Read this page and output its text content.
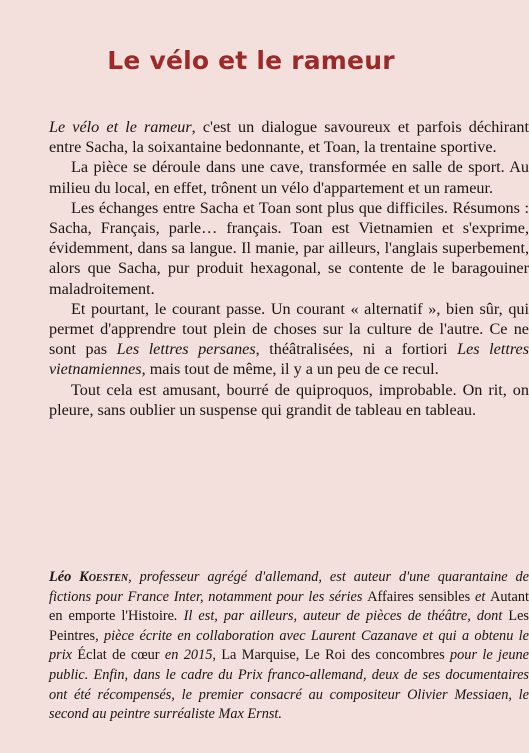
Le vélo et le rameur

Le vélo et le rameur, c'est un dialogue savoureux et parfois déchirant entre Sacha, la soixantaine bedonnante, et Toan, la trentaine sportive.

La pièce se déroule dans une cave, transformée en salle de sport. Au milieu du local, en effet, trônent un vélo d'appartement et un rameur.

Les échanges entre Sacha et Toan sont plus que difficiles. Résumons : Sacha, Français, parle… français. Toan est Vietnamien et s'exprime, évidemment, dans sa langue. Il manie, par ailleurs, l'anglais superbement, alors que Sacha, pur produit hexagonal, se contente de le baragouiner maladroitement.

Et pourtant, le courant passe. Un courant « alternatif », bien sûr, qui permet d'apprendre tout plein de choses sur la culture de l'autre. Ce ne sont pas Les lettres persanes, théâtralisées, ni a fortiori Les lettres vietnamiennes, mais tout de même, il y a un peu de ce recul.

Tout cela est amusant, bourré de quiproquos, improbable. On rit, on pleure, sans oublier un suspense qui grandit de tableau en tableau.

Léo Koesten, professeur agrégé d'allemand, est auteur d'une quarantaine de fictions pour France Inter, notamment pour les séries Affaires sensibles et Autant en emporte l'Histoire. Il est, par ailleurs, auteur de pièces de théâtre, dont Les Peintres, pièce écrite en collaboration avec Laurent Cazanave et qui a obtenu le prix Éclat de cœur en 2015, La Marquise, Le Roi des concombres pour le jeune public. Enfin, dans le cadre du Prix franco-allemand, deux de ses documentaires ont été récompensés, le premier consacré au compositeur Olivier Messiaen, le second au peintre surréaliste Max Ernst.
